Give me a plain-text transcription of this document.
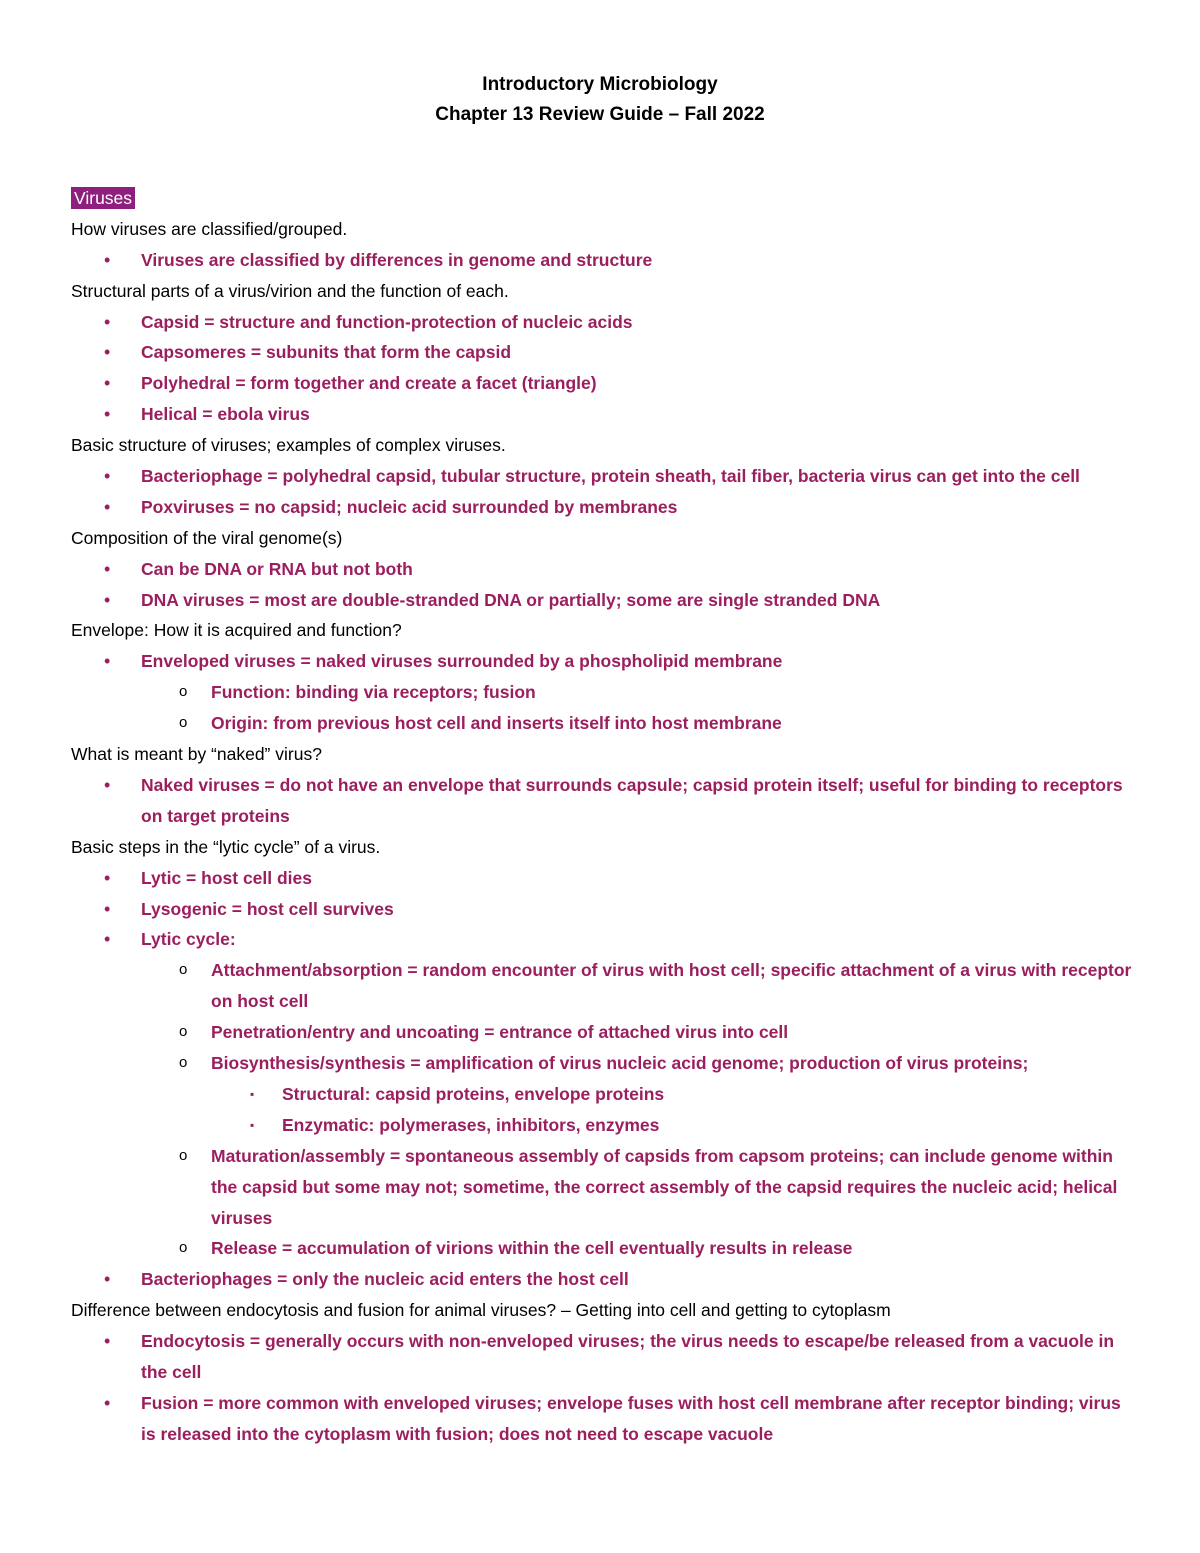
Introductory Microbiology
Chapter 13 Review Guide – Fall 2022
Viruses
How viruses are classified/grouped.
• Viruses are classified by differences in genome and structure
Structural parts of a virus/virion and the function of each.
• Capsid = structure and function-protection of nucleic acids
• Capsomeres = subunits that form the capsid
• Polyhedral = form together and create a facet (triangle)
• Helical = ebola virus
Basic structure of viruses; examples of complex viruses.
• Bacteriophage = polyhedral capsid, tubular structure, protein sheath, tail fiber, bacteria virus can get into the cell
• Poxviruses = no capsid; nucleic acid surrounded by membranes
Composition of the viral genome(s)
• Can be DNA or RNA but not both
• DNA viruses = most are double-stranded DNA or partially; some are single stranded DNA
Envelope: How it is acquired and function?
• Enveloped viruses = naked viruses surrounded by a phospholipid membrane
o Function: binding via receptors; fusion
o Origin: from previous host cell and inserts itself into host membrane
What is meant by “naked” virus?
• Naked viruses = do not have an envelope that surrounds capsule; capsid protein itself; useful for binding to receptors on target proteins
Basic steps in the “lytic cycle” of a virus.
• Lytic = host cell dies
• Lysogenic = host cell survives
• Lytic cycle:
o Attachment/absorption = random encounter of virus with host cell; specific attachment of a virus with receptor on host cell
o Penetration/entry and uncoating = entrance of attached virus into cell
o Biosynthesis/synthesis = amplification of virus nucleic acid genome; production of virus proteins;
▪ Structural: capsid proteins, envelope proteins
▪ Enzymatic: polymerases, inhibitors, enzymes
o Maturation/assembly = spontaneous assembly of capsids from capsom proteins; can include genome within the capsid but some may not; sometime, the correct assembly of the capsid requires the nucleic acid; helical viruses
o Release = accumulation of virions within the cell eventually results in release
• Bacteriophages = only the nucleic acid enters the host cell
Difference between endocytosis and fusion for animal viruses? – Getting into cell and getting to cytoplasm
• Endocytosis = generally occurs with non-enveloped viruses; the virus needs to escape/be released from a vacuole in the cell
• Fusion = more common with enveloped viruses; envelope fuses with host cell membrane after receptor binding; virus is released into the cytoplasm with fusion; does not need to escape vacuole
